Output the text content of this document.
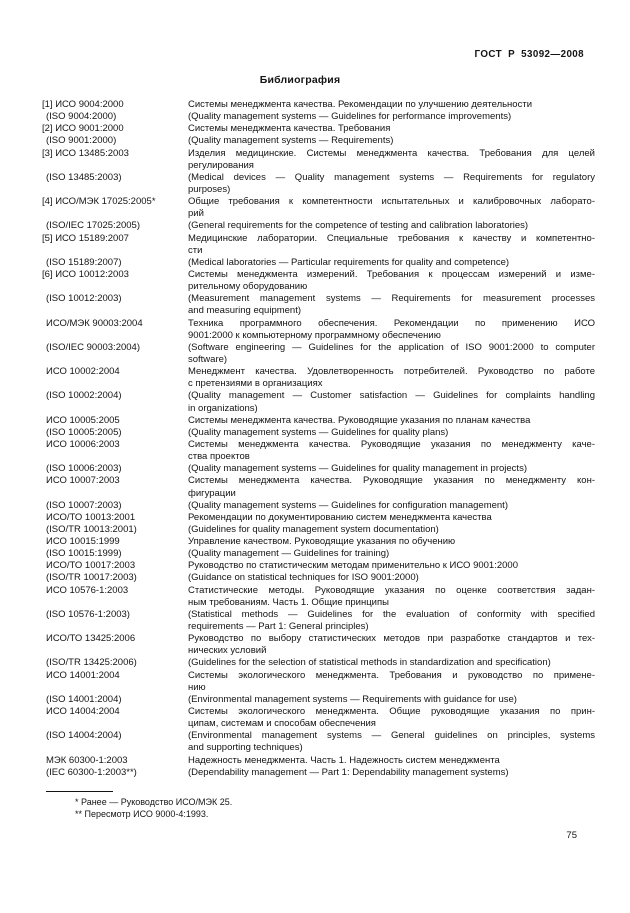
ГОСТ Р 53092—2008
Библиография
[1] ИСО 9004:2000	Системы менеджмента качества. Рекомендации по улучшению деятельности
(ISO 9004:2000)	(Quality management systems — Guidelines for performance improvements)
[2] ИСО 9001:2000	Системы менеджмента качества. Требования
(ISO 9001:2000)	(Quality management systems — Requirements)
[3] ИСО 13485:2003	Изделия медицинские. Системы менеджмента качества. Требования для целей
регулирования
(ISO 13485:2003)	(Medical devices — Quality management systems — Requirements for regulatory
purposes)
[4] ИСО/МЭК 17025:2005*	Общие требования к компетентности испытательных и калибровочных лаборато-
рий
(ISO/IEC 17025:2005)	(General requirements for the competence of testing and calibration laboratories)
[5] ИСО 15189:2007	Медицинские лаборатории. Специальные требования к качеству и компетентно-
сти
(ISO 15189:2007)	(Medical laboratories — Particular requirements for quality and competence)
[6] ИСО 10012:2003	Системы менеджмента измерений. Требования к процессам измерений и изме-
рительному оборудованию
(ISO 10012:2003)	(Measurement management systems — Requirements for measurement processes
and measuring equipment)
ИСО/МЭК 90003:2004	Техника программного обеспечения. Рекомендации по применению ИСО
9001:2000 к компьютерному программному обеспечению
(ISO/IEC 90003:2004)	(Software engineering — Guidelines for the application of ISO 9001:2000 to computer
software)
ИСО 10002:2004	Менеджмент качества. Удовлетворенность потребителей. Руководство по работе
с претензиями в организациях
(ISO 10002:2004)	(Quality management — Customer satisfaction — Guidelines for complaints handling
in organizations)
ИСО 10005:2005	Системы менеджмента качества. Руководящие указания по планам качества
(ISO 10005:2005)	(Quality management systems — Guidelines for quality plans)
ИСО 10006:2003	Системы менеджмента качества. Руководящие указания по менеджменту каче-
ства проектов
(ISO 10006:2003)	(Quality management systems — Guidelines for quality management in projects)
ИСО 10007:2003	Системы менеджмента качества. Руководящие указания по менеджменту кон-
фигурации
(ISO 10007:2003)	(Quality management systems — Guidelines for configuration management)
ИСО/ТО 10013:2001	Рекомендации по документированию систем менеджмента качества
(ISO/TR 10013:2001)	(Guidelines for quality management system documentation)
ИСО 10015:1999	Управление качеством. Руководящие указания по обучению
(ISO 10015:1999)	(Quality management — Guidelines for training)
ИСО/ТО 10017:2003	Руководство по статистическим методам применительно к ИСО 9001:2000
(ISO/TR 10017:2003)	(Guidance on statistical techniques for ISO 9001:2000)
ИСО 10576-1:2003	Статистические методы. Руководящие указания по оценке соответствия задан-
ным требованиям. Часть 1. Общие принципы
(ISO 10576-1:2003)	(Statistical methods — Guidelines for the evaluation of conformity with specified
requirements — Part 1: General principles)
ИСО/ТО 13425:2006	Руководство по выбору статистических методов при разработке стандартов и тех-
нических условий
(ISO/TR 13425:2006)	(Guidelines for the selection of statistical methods in standardization and specification)
ИСО 14001:2004	Системы экологического менеджмента. Требования и руководство по примене-
нию
(ISO 14001:2004)	(Environmental management systems — Requirements with guidance for use)
ИСО 14004:2004	Системы экологического менеджмента. Общие руководящие указания по прин-
ципам, системам и способам обеспечения
(ISO 14004:2004)	(Environmental management systems — General guidelines on principles, systems
and supporting techniques)
МЭК 60300-1:2003	Надежность менеджмента. Часть 1. Надежность систем менеджмента
(IEC 60300-1:2003**)	(Dependability management — Part 1: Dependability management systems)
* Ранее — Руководство ИСО/МЭК 25.
** Пересмотр ИСО 9000-4:1993.
75
